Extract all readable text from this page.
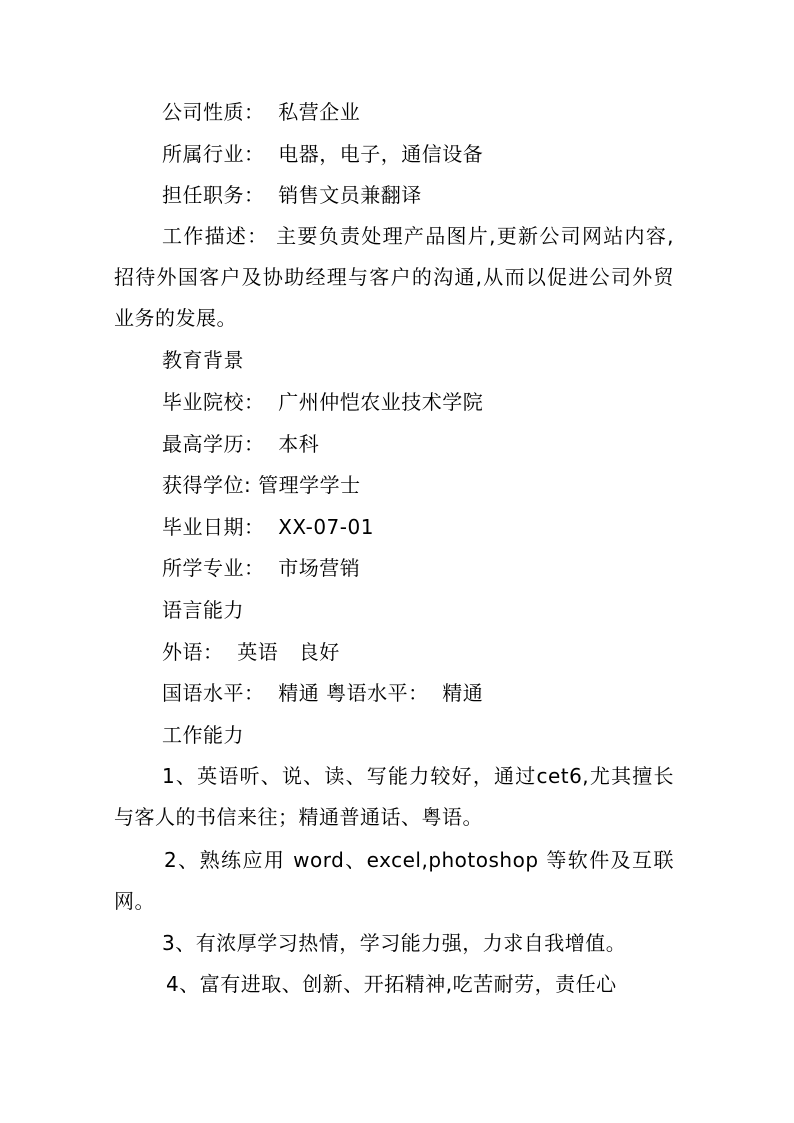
公司性质：  私营企业
所属行业：  电器，电子，通信设备
担任职务：  销售文员兼翻译
工作描述： 主要负责处理产品图片,更新公司网站内容,招待外国客户及协助经理与客户的沟通,从而以促进公司外贸业务的发展。
教育背景
毕业院校：  广州仲恺农业技术学院
最高学历：  本科
获得学位: 管理学学士
毕业日期：  XX-07-01
所学专业：  市场营销
语言能力
外语：  英语   良好
国语水平：  精通 粤语水平：  精通
工作能力
1、英语听、说、读、写能力较好，通过cet6,尤其擅长与客人的书信来往；精通普通话、粤语。
2、熟练应用 word、excel,photoshop 等软件及互联网。
3、有浓厚学习热情，学习能力强，力求自我增值。
4、富有进取、创新、开拓精神,吃苦耐劳，责任心
